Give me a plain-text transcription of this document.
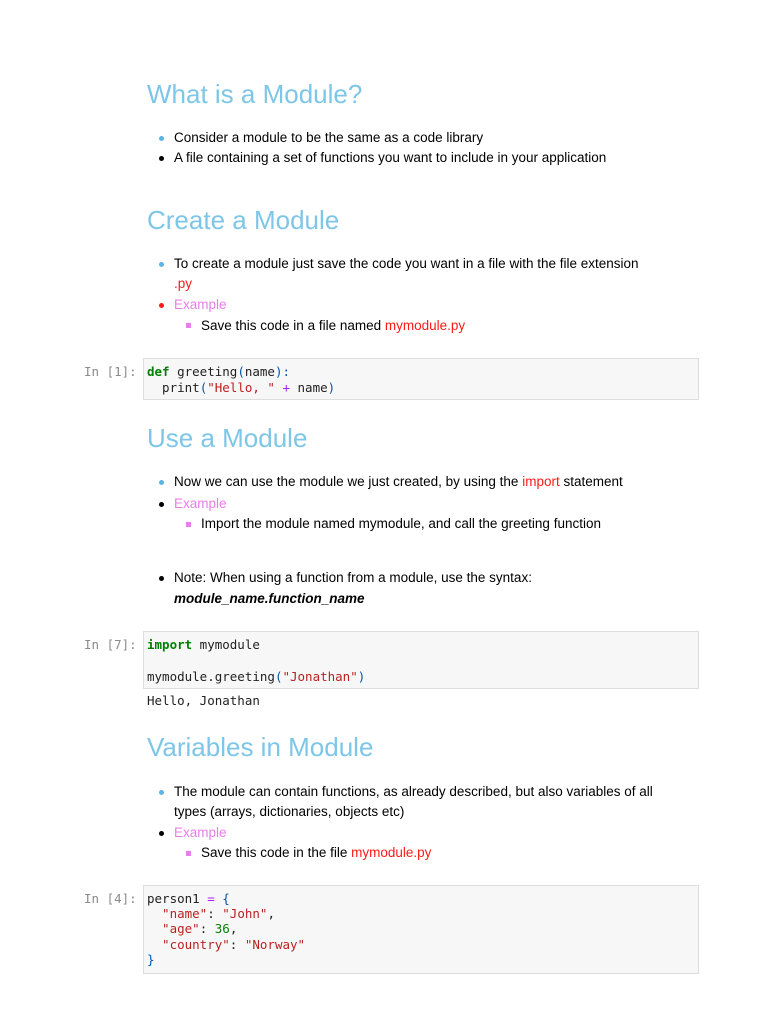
What is a Module?
Consider a module to be the same as a code library
A file containing a set of functions you want to include in your application
Create a Module
To create a module just save the code you want in a file with the file extension
.py
Example
Save this code in a file named mymodule.py
In [1]: def greeting(name):
print("Hello, " + name)
Use a Module
Now we can use the module we just created, by using the import statement
Example
Import the module named mymodule, and call the greeting function
Note: When using a function from a module, use the syntax:
module_name.function_name
In [7]: import mymodule
mymodule.greeting("Jonathan")
Hello, Jonathan
Variables in Module
The module can contain functions, as already described, but also variables of all
types (arrays, dictionaries, objects etc)
Example
Save this code in the file mymodule.py
In [4]: person1 = {
"name": "John",
"age": 36,
"country": "Norway"
}
